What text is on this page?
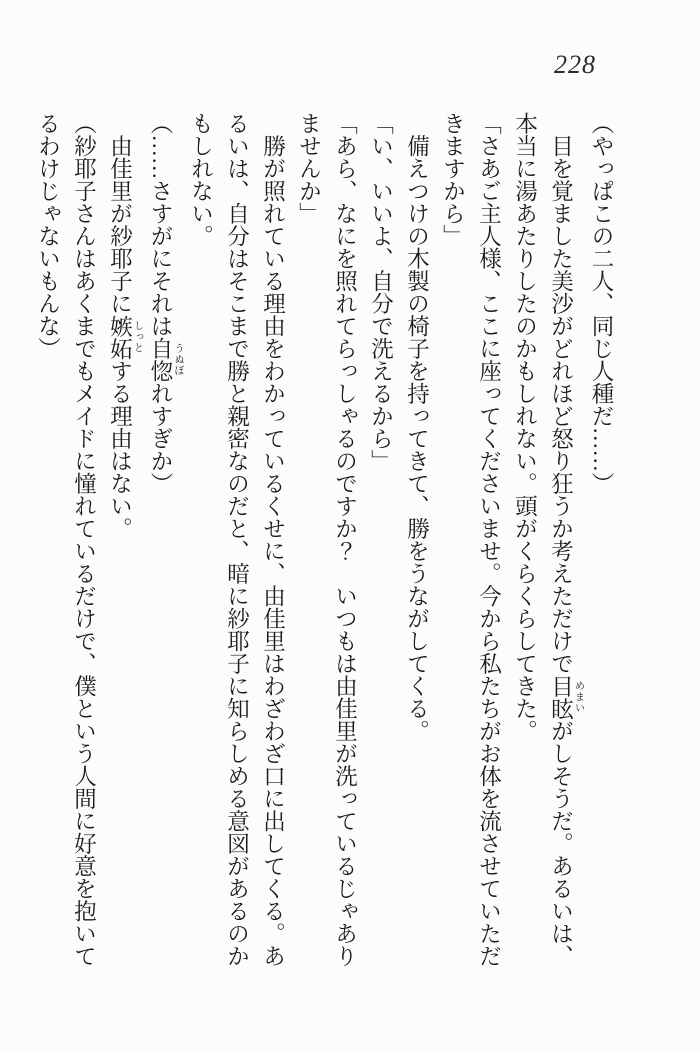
228
（やっぱこの二人、同じ人種だ……）
　目を覚ました美沙がどれほど怒り狂うか考えただけで目眩 めまいがしそうだ。あるいは、
本当に湯あたりしたのかもしれない。頭がくらくらしてきた。
「さあご主人様、ここに座ってくださいませ。今から私たちがお体を流させていただ
きますから」
　備えつけの木製の椅子を持ってきて、勝をうながしてくる。
「い、いいよ、自分で洗えるから」
「あら、なにを照れてらっしゃるのですか？　いつもは由佳里が洗っているじゃあり
ませんか」
　勝が照れている理由をわかっているくせに、由佳里はわざわざ口に出してくる。あ
るいは、自分はそこまで勝と親密なのだと、暗に紗耶子に知らしめる意図があるのか
もしれない。
（……さすがにそれは自惚 うぬぼれすぎか）
　由佳里が紗耶子に嫉妬 しっとする理由はない。
（紗耶子さんはあくまでもメイドに憧れているだけで、僕という人間に好意を抱いて
るわけじゃないもんな）
